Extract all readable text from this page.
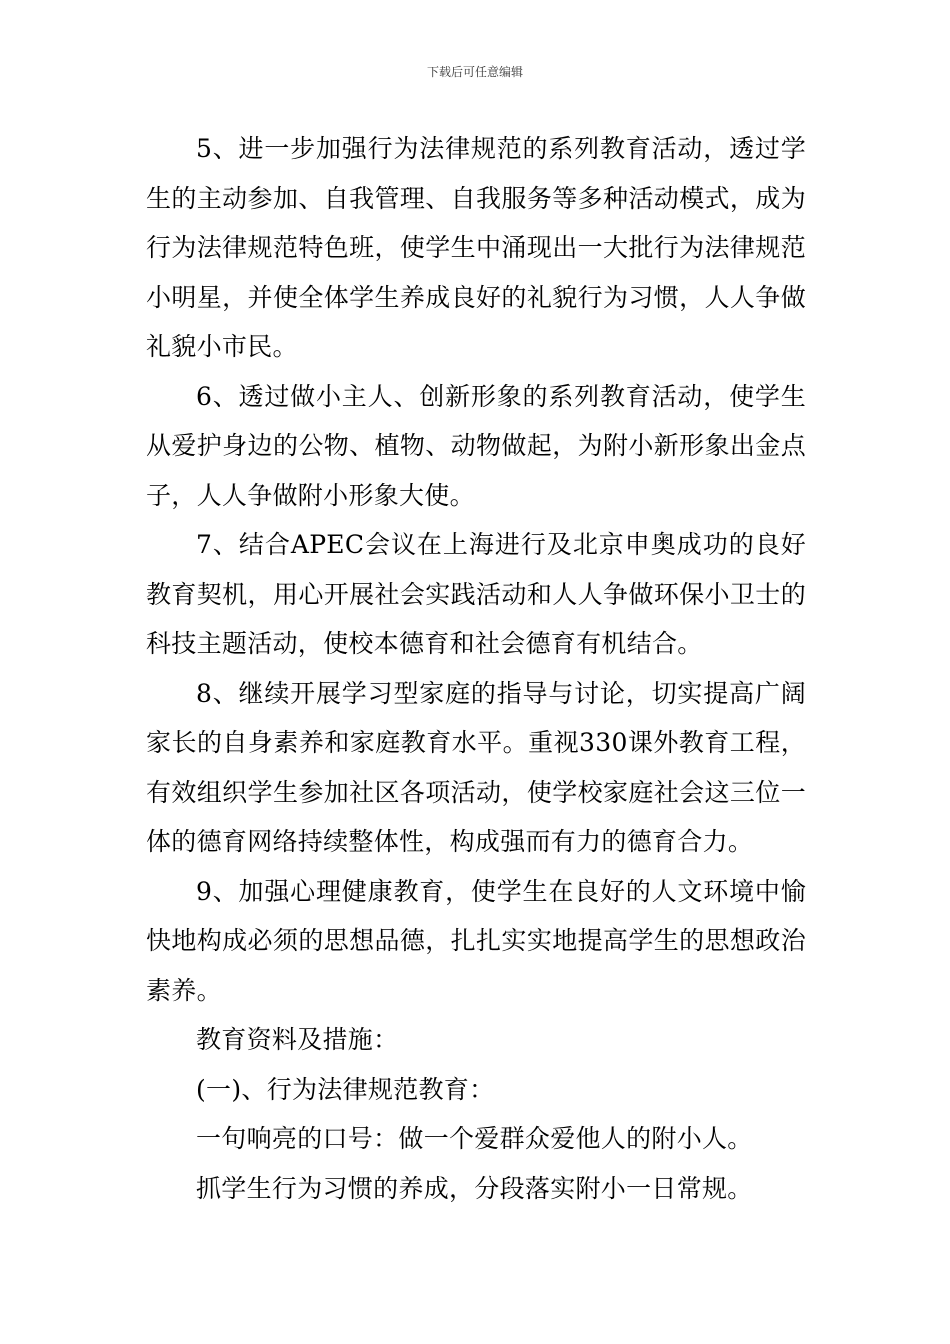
下载后可任意编辑

5、进一步加强行为法律规范的系列教育活动，透过学生的主动参加、自我管理、自我服务等多种活动模式，成为行为法律规范特色班，使学生中涌现出一大批行为法律规范小明星，并使全体学生养成良好的礼貌行为习惯，人人争做礼貌小市民。

6、透过做小主人、创新形象的系列教育活动，使学生从爱护身边的公物、植物、动物做起，为附小新形象出金点子，人人争做附小形象大使。

7、结合APEC会议在上海进行及北京申奥成功的良好教育契机，用心开展社会实践活动和人人争做环保小卫士的科技主题活动，使校本德育和社会德育有机结合。

8、继续开展学习型家庭的指导与讨论，切实提高广阔家长的自身素养和家庭教育水平。重视330课外教育工程，有效组织学生参加社区各项活动，使学校家庭社会这三位一体的德育网络持续整体性，构成强而有力的德育合力。

9、加强心理健康教育，使学生在良好的人文环境中愉快地构成必须的思想品德，扎扎实实地提高学生的思想政治素养。

教育资料及措施：

(一)、行为法律规范教育：

一句响亮的口号：做一个爱群众爱他人的附小人。

抓学生行为习惯的养成，分段落实附小一日常规。
